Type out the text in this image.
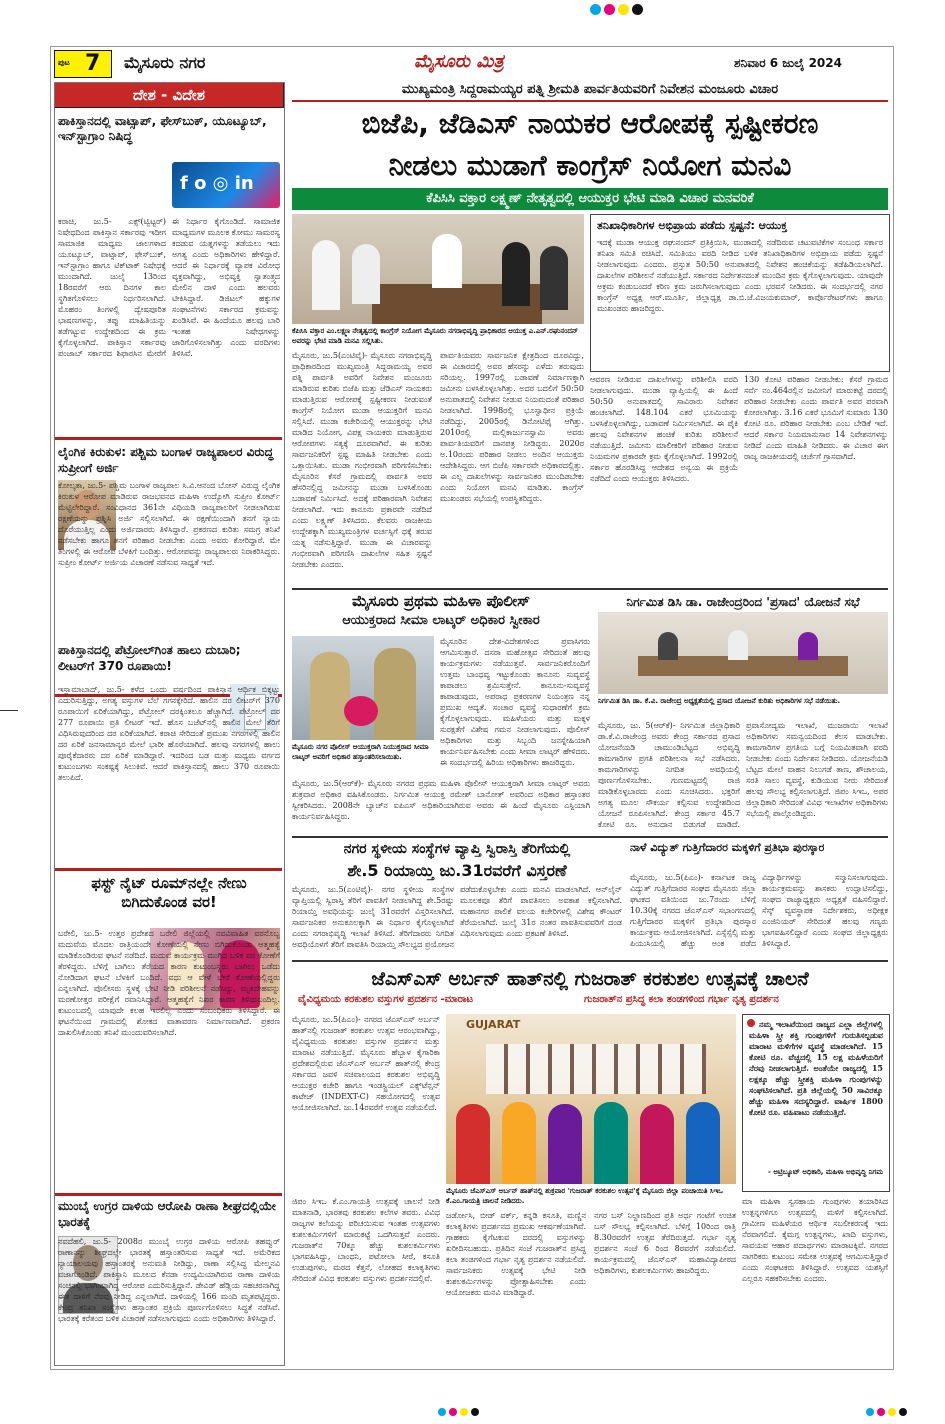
ಪುಟ 7 ಮೈಸೂರು ನಗರ	ಮೈಸೂರು ಮಿತ್ರ	ಶನಿವಾರ 6 ಜುಲೈ 2024
ದೇಶ - ವಿದೇಶ
ಪಾಕಿಸ್ತಾನದಲ್ಲಿ ವಾಟ್ಸಾಪ್, ಫೇಸ್‌ಬುಕ್, ಯೂಟ್ಯೂಬ್, ಇನ್‌ಸ್ಟಾಗ್ರಾಂ ನಿಷಿದ್ಧ
f o ◎ in
ಕರಾಚಿ, ಜು.5- ಎಕ್ಸ್(ಟ್ವಿಟ್ಟರ್) ನಿಷೇಧದಿಂದ ಪಾಕಿಸ್ತಾನ ಸರ್ಕಾರವು ಇದೀಗ ಸಾಮಾಜಿಕ ಮಾಧ್ಯಮ ಜಾಲಗಳಾದ ಯೂಟ್ಯೂಬ್, ವಾಟ್ಸಾಪ್, ಫೇಸ್‌ಬುಕ್, ಇನ್‌ಸ್ಟಾಗ್ರಾಂ ಹಾಗೂ ಟಿಕ್‌ಟಾಕ್ ನಿಷೇಧಕ್ಕೆ ಮುಂದಾಗಿದೆ. ಜುಲೈ 13ರಿಂದ 18ರವರೆಗೆ ಆರು ದಿನಗಳ ಕಾಲ ಸ್ಥಗಿತಗೊಳಿಸಲು ನಿರ್ಧರಿಸಲಾಗಿದೆ. ಮೊಹರಂ ತಿಂಗಳಲ್ಲಿ ದ್ವೇಷಪೂರಿತ ಭಾಷಣಗಳನ್ನು, ತಪ್ಪು ಮಾಹಿತಿಯನ್ನು ತಡೆಗಟ್ಟುವ ಉದ್ದೇಶದಿಂದ ಈ ಕ್ರಮ ಕೈಗೊಳ್ಳಲಾಗಿದೆ. ಪಾಕಿಸ್ತಾನ ಸರ್ಕಾರವು ಪಂಜಾಬ್ ಸರ್ಕಾರದ ಶಿಫಾರಸಿನ ಮೇರೆಗೆ ಈ ನಿರ್ಧಾರ ಕೈಗೊಂಡಿದೆ. ಸಾಮಾಜಿಕ ಮಾಧ್ಯಮಗಳ ಮೂಲಕ ಕೋಮು ಸಾಮರಸ್ಯ ಕದಡುವ ಯತ್ನಗಳನ್ನು ತಡೆಯಲು ಇದು ಅಗತ್ಯ ಎಂದು ಅಧಿಕಾರಿಗಳು ಹೇಳಿದ್ದಾರೆ. ಆದರೆ ಈ ನಿರ್ಧಾರಕ್ಕೆ ವ್ಯಾಪಕ ವಿರೋಧ ವ್ಯಕ್ತವಾಗಿದ್ದು, ಅಭಿವ್ಯಕ್ತಿ ಸ್ವಾತಂತ್ರ್ಯದ ಮೇಲಿನ ದಾಳಿ ಎಂದು ಹಲವರು ಟೀಕಿಸಿದ್ದಾರೆ. ಡಿಜಿಟಲ್ ಹಕ್ಕುಗಳ ಸಂಘಟನೆಗಳು ಸರ್ಕಾರದ ಕ್ರಮವನ್ನು ಖಂಡಿಸಿವೆ. ಈ ಹಿಂದೆಯೂ ಹಲವು ಬಾರಿ ಇಂತಹ ನಿಷೇಧಗಳನ್ನು ಜಾರಿಗೊಳಿಸಲಾಗಿತ್ತು ಎಂದು ವರದಿಗಳು ತಿಳಿಸಿವೆ.
ಲೈಂಗಿಕ ಕಿರುಕುಳ: ಪಶ್ಚಿಮ ಬಂಗಾಳ ರಾಜ್ಯಪಾಲರ ವಿರುದ್ಧ ಸುಪ್ರೀಂಗೆ ಅರ್ಜಿ
ಕೋಲ್ಕತಾ, ಜು.5- ಪಶ್ಚಿಮ ಬಂಗಾಳ ರಾಜ್ಯಪಾಲ ಸಿ.ವಿ.ಆನಂದ ಬೋಸ್ ವಿರುದ್ಧ ಲೈಂಗಿಕ ಕಿರುಕುಳ ಆರೋಪ ಮಾಡಿರುವ ರಾಜಭವನದ ಮಹಿಳಾ ಉದ್ಯೋಗಿ ಸುಪ್ರೀಂ ಕೋರ್ಟ್ ಮೆಟ್ಟಿಲೇರಿದ್ದಾರೆ. ಸಂವಿಧಾನದ 361ನೇ ವಿಧಿಯಡಿ ರಾಜ್ಯಪಾಲರಿಗೆ ನೀಡಲಾಗಿರುವ ರಕ್ಷಣೆಯನ್ನು ಪ್ರಶ್ನಿಸಿ ಅರ್ಜಿ ಸಲ್ಲಿಸಲಾಗಿದೆ. ಈ ರಕ್ಷಣೆಯಿಂದಾಗಿ ತನಗೆ ನ್ಯಾಯ ದೊರೆಯುತ್ತಿಲ್ಲ ಎಂದು ಅರ್ಜಿದಾರರು ತಿಳಿಸಿದ್ದಾರೆ. ಪ್ರಕರಣದ ಕುರಿತು ಸಮಗ್ರ ತನಿಖೆ ನಡೆಸಬೇಕು ಹಾಗೂ ತನಗೆ ಪರಿಹಾರ ನೀಡಬೇಕು ಎಂದು ಅವರು ಕೋರಿದ್ದಾರೆ. ಮೇ ತಿಂಗಳಲ್ಲಿ ಈ ಆರೋಪ ಬೆಳಕಿಗೆ ಬಂದಿತ್ತು. ಆರೋಪವನ್ನು ರಾಜ್ಯಪಾಲರು ನಿರಾಕರಿಸಿದ್ದರು. ಸುಪ್ರೀಂ ಕೋರ್ಟ್ ಅರ್ಜಿಯ ವಿಚಾರಣೆ ನಡೆಸುವ ಸಾಧ್ಯತೆ ಇದೆ.
ಪಾಕಿಸ್ತಾನದಲ್ಲಿ ಪೆಟ್ರೋಲ್‌ಗಿಂತ ಹಾಲು ದುಬಾರಿ; ಲೀಟರ್‌ಗೆ 370 ರೂಪಾಯಿ!
ಇಸ್ಲಾಮಾಬಾದ್, ಜು.5- ಕಳೆದ ಒಂದು ವರ್ಷದಿಂದ ಪಾಕಿಸ್ತಾನ ಆರ್ಥಿಕ ಬಿಕ್ಕಟ್ಟು ಎದುರಿಸುತ್ತಿದ್ದು, ಅಗತ್ಯ ವಸ್ತುಗಳ ಬೆಲೆ ಗಗನಕ್ಕೇರಿದೆ. ಹಾಲಿನ ದರ ಲೀಟರ್‌ಗೆ 370 ರೂಪಾಯಿಗೆ ಏರಿಕೆಯಾಗಿದ್ದು, ಪೆಟ್ರೋಲ್ ದರಕ್ಕಿಂತಲೂ ಹೆಚ್ಚಾಗಿದೆ. ಪೆಟ್ರೋಲ್ ದರ 277 ರೂಪಾಯಿ ಪ್ರತಿ ಲೀಟರ್ ಇದೆ. ಹೊಸ ಬಜೆಟ್‌ನಲ್ಲಿ ಹಾಲಿನ ಮೇಲೆ ತೆರಿಗೆ ವಿಧಿಸಿರುವುದರಿಂದ ದರ ಏರಿಕೆಯಾಗಿದೆ. ಕರಾಚಿ ಸೇರಿದಂತೆ ಪ್ರಮುಖ ನಗರಗಳಲ್ಲಿ ಹಾಲಿನ ದರ ಏರಿಕೆ ಜನಸಾಮಾನ್ಯರ ಮೇಲೆ ಭಾರೀ ಹೊರೆಯಾಗಿದೆ. ಹಲವು ನಗರಗಳಲ್ಲಿ ಹಾಲು ಪೂರೈಕೆದಾರರು ದರ ಏರಿಕೆ ಮಾಡಿದ್ದಾರೆ. ಇದರಿಂದ ಬಡ ಮತ್ತು ಮಧ್ಯಮ ವರ್ಗದ ಕುಟುಂಬಗಳು ಸಂಕಷ್ಟಕ್ಕೆ ಸಿಲುಕಿವೆ. ಆದರೆ ಪಾಕಿಸ್ತಾನದಲ್ಲಿ ಹಾಲು 370 ರೂಪಾಯಿ ತಲುಪಿದೆ.
ಫಸ್ಟ್ ನೈಟ್ ರೂಮ್‌ನಲ್ಲೇ ನೇಣು ಬಿಗಿದುಕೊಂಡ ವರ!
ಬರೇಲಿ, ಜು.5- ಉತ್ತರ ಪ್ರದೇಶದ ಬರೇಲಿ ಜಿಲ್ಲೆಯಲ್ಲಿ ನವವಿವಾಹಿತ ವರನೊಬ್ಬ ಮದುವೆಯ ಮೊದಲ ರಾತ್ರಿಯಂದೇ ಕೋಣೆಯಲ್ಲಿ ನೇಣು ಬಿಗಿದುಕೊಂಡು ಆತ್ಮಹತ್ಯೆ ಮಾಡಿಕೊಂಡಿರುವ ಘಟನೆ ನಡೆದಿದೆ. ಮದುವೆ ಕಾರ್ಯಕ್ರಮ ಮುಗಿದ ಬಳಿಕ ವರ ಕೋಣೆಗೆ ತೆರಳಿದ್ದರು. ಬೆಳಿಗ್ಗೆ ಬಾಗಿಲು ತೆರೆಯದ ಕಾರಣ ಕುಟುಂಬಸ್ಥರು ಬಾಗಿಲು ಒಡೆದು ನೋಡಿದಾಗ ಘಟನೆ ಬೆಳಕಿಗೆ ಬಂದಿದೆ. ವಧು ಆ ವೇಳೆ ಬೇರೆ ಕೋಣೆಯಲ್ಲಿದ್ದರು ಎನ್ನಲಾಗಿದೆ. ಪೊಲೀಸರು ಸ್ಥಳಕ್ಕೆ ಭೇಟಿ ನೀಡಿ ಪರಿಶೀಲನೆ ನಡೆಸಿದ್ದು, ಮೃತದೇಹವನ್ನು ಮರಣೋತ್ತರ ಪರೀಕ್ಷೆಗೆ ರವಾನಿಸಿದ್ದಾರೆ. ಆತ್ಮಹತ್ಯೆಗೆ ನಿಖರ ಕಾರಣ ತಿಳಿದುಬಂದಿಲ್ಲ. ಕುಟುಂಬದಲ್ಲಿ ಯಾವುದೇ ಕಲಹ ಇರಲಿಲ್ಲ ಎಂದು ಸಂಬಂಧಿಕರು ತಿಳಿಸಿದ್ದಾರೆ. ಈ ಘಟನೆಯಿಂದ ಗ್ರಾಮದಲ್ಲಿ ಶೋಕದ ವಾತಾವರಣ ನಿರ್ಮಾಣವಾಗಿದೆ. ಪ್ರಕರಣ ದಾಖಲಿಸಿಕೊಂಡು ತನಿಖೆ ಮುಂದುವರಿಸಲಾಗಿದೆ.
ಮುಂಬೈ ಉಗ್ರರ ದಾಳಿಯ ಆರೋಪಿ ರಾಣಾ ಶೀಘ್ರದಲ್ಲಿಯೇ ಭಾರತಕ್ಕೆ
ನವದೆಹಲಿ, ಜು.5- 2008ರ ಮುಂಬೈ ಉಗ್ರರ ದಾಳಿಯ ಆರೋಪಿ ತಹವ್ವುರ್ ರಾಣಾನನ್ನು ಶೀಘ್ರದಲ್ಲೇ ಭಾರತಕ್ಕೆ ಹಸ್ತಾಂತರಿಸುವ ಸಾಧ್ಯತೆ ಇದೆ. ಅಮೆರಿಕದ ನ್ಯಾಯಾಲಯವು ಹಸ್ತಾಂತರಕ್ಕೆ ಅನುಮತಿ ನೀಡಿದ್ದು, ರಾಣಾ ಸಲ್ಲಿಸಿದ್ದ ಮೇಲ್ಮನವಿ ವಜಾಗೊಂಡಿದೆ. ಪಾಕಿಸ್ತಾನಿ ಮೂಲದ ಕೆನಡಾ ಉದ್ಯಮಿಯಾಗಿರುವ ರಾಣಾ ದಾಳಿಯ ಸಂಚಿನಲ್ಲಿ ಭಾಗಿಯಾಗಿದ್ದ ಆರೋಪ ಎದುರಿಸುತ್ತಿದ್ದಾನೆ. ಡೇವಿಡ್ ಹೆಡ್ಲಿಯ ಸಹಚರನಾಗಿದ್ದ ಈತ ದಾಳಿಗೆ ನೆರವು ನೀಡಿದ್ದ ಎನ್ನಲಾಗಿದೆ. ದಾಳಿಯಲ್ಲಿ 166 ಮಂದಿ ಮೃತಪಟ್ಟಿದ್ದರು. ಕೇಂದ್ರ ತನಿಖಾ ಸಂಸ್ಥೆಗಳು ಹಸ್ತಾಂತರ ಪ್ರಕ್ರಿಯೆ ಪೂರ್ಣಗೊಳಿಸಲು ಸಿದ್ಧತೆ ನಡೆಸಿವೆ. ಭಾರತಕ್ಕೆ ಕರೆತಂದ ಬಳಿಕ ವಿಚಾರಣೆ ನಡೆಸಲಾಗುವುದು ಎಂದು ಅಧಿಕಾರಿಗಳು ತಿಳಿಸಿದ್ದಾರೆ.
ಮುಖ್ಯಮಂತ್ರಿ ಸಿದ್ದರಾಮಯ್ಯರ ಪತ್ನಿ ಶ್ರೀಮತಿ ಪಾರ್ವತಿಯವರಿಗೆ ನಿವೇಶನ ಮಂಜೂರು ವಿಚಾರ
ಬಿಜೆಪಿ, ಜೆಡಿಎಸ್ ನಾಯಕರ ಆರೋಪಕ್ಕೆ ಸ್ಪಷ್ಟೀಕರಣ
ನೀಡಲು ಮುಡಾಗೆ ಕಾಂಗ್ರೆಸ್ ನಿಯೋಗ ಮನವಿ
ಕೆಪಿಸಿಸಿ ವಕ್ತಾರ ಲಕ್ಷ್ಮಣ್ ನೇತೃತ್ವದಲ್ಲಿ ಆಯುಕ್ತರ ಭೇಟಿ ಮಾಡಿ ವಿಚಾರ ಮನವರಿಕೆ
ಕೆಪಿಸಿಸಿ ವಕ್ತಾರ ಎಂ.ಲಕ್ಷ್ಮಣ ನೇತೃತ್ವದಲ್ಲಿ ಕಾಂಗ್ರೆಸ್ ನಿಯೋಗ ಮೈಸೂರು ನಗರಾಭಿವೃದ್ಧಿ ಪ್ರಾಧಿಕಾರದ ಆಯುಕ್ತ ಎ.ಎನ್.ರಘುನಂದನ್ ಅವರನ್ನು ಭೇಟಿ ಮಾಡಿ ಮನವಿ ಸಲ್ಲಿಸಿತು.
ಮೈಸೂರು, ಜು.5(ಎಂಟಿವೈ)- ಮೈಸೂರು ನಗರಾಭಿವೃದ್ಧಿ ಪ್ರಾಧಿಕಾರದಿಂದ ಮುಖ್ಯಮಂತ್ರಿ ಸಿದ್ದರಾಮಯ್ಯ ಅವರ ಪತ್ನಿ ಪಾರ್ವತಿ ಅವರಿಗೆ ನಿವೇಶನ ಮಂಜೂರು ಮಾಡಿರುವ ಕುರಿತು ಬಿಜೆಪಿ ಮತ್ತು ಜೆಡಿಎಸ್ ನಾಯಕರು ಮಾಡುತ್ತಿರುವ ಆರೋಪಕ್ಕೆ ಸ್ಪಷ್ಟೀಕರಣ ನೀಡುವಂತೆ ಕಾಂಗ್ರೆಸ್ ನಿಯೋಗ ಮುಡಾ ಆಯುಕ್ತರಿಗೆ ಮನವಿ ಸಲ್ಲಿಸಿದೆ. ಮುಡಾ ಕಚೇರಿಯಲ್ಲಿ ಆಯುಕ್ತರನ್ನು ಭೇಟಿ ಮಾಡಿದ ನಿಯೋಗ, ವಿಪಕ್ಷ ನಾಯಕರು ಮಾಡುತ್ತಿರುವ ಆರೋಪಗಳು ಸತ್ಯಕ್ಕೆ ದೂರವಾಗಿವೆ. ಈ ಕುರಿತು ಸಾರ್ವಜನಿಕರಿಗೆ ಸ್ಪಷ್ಟ ಮಾಹಿತಿ ನೀಡಬೇಕು ಎಂದು ಒತ್ತಾಯಿಸಿತು. ಮುಡಾ ಗಂಭೀರವಾಗಿ ಪರಿಗಣಿಸಬೇಕು: ಮೈಸೂರಿನ ಕೆಸರೆ ಗ್ರಾಮದಲ್ಲಿ ಪಾರ್ವತಿ ಅವರ ಹೆಸರಿನಲ್ಲಿದ್ದ ಜಮೀನನ್ನು ಮುಡಾ ಬಳಸಿಕೊಂಡು ಬಡಾವಣೆ ನಿರ್ಮಿಸಿದೆ. ಅದಕ್ಕೆ ಪರಿಹಾರವಾಗಿ ನಿವೇಶನ ನೀಡಲಾಗಿದೆ. ಇದು ಕಾನೂನು ಪ್ರಕಾರವೇ ನಡೆದಿದೆ ಎಂದು ಲಕ್ಷ್ಮಣ್ ತಿಳಿಸಿದರು. ಕೆಲವರು ರಾಜಕೀಯ ಉದ್ದೇಶಕ್ಕಾಗಿ ಮುಖ್ಯಮಂತ್ರಿಗಳ ವರ್ಚಸ್ಸಿಗೆ ಧಕ್ಕೆ ತರುವ ಯತ್ನ ನಡೆಸುತ್ತಿದ್ದಾರೆ. ಮುಡಾ ಈ ವಿಚಾರವನ್ನು ಗಂಭೀರವಾಗಿ ಪರಿಗಣಿಸಿ ದಾಖಲೆಗಳ ಸಹಿತ ಸ್ಪಷ್ಟನೆ ನೀಡಬೇಕು ಎಂದರು.
ಪಾರ್ವತಿಯವರು ಸಾರ್ವಜನಿಕ ಕ್ಷೇತ್ರದಿಂದ ದೂರವಿದ್ದು, ಈ ವಿಚಾರದಲ್ಲಿ ಅವರ ಹೆಸರನ್ನು ಎಳೆದು ತರುವುದು ಸರಿಯಲ್ಲ. 1997ರಲ್ಲಿ ಬಡಾವಣೆ ನಿರ್ಮಾಣಕ್ಕಾಗಿ ಜಮೀನು ಬಳಸಿಕೊಳ್ಳಲಾಗಿತ್ತು. ಅದರ ಬದಲಿಗೆ 50:50 ಅನುಪಾತದಲ್ಲಿ ನಿವೇಶನ ನೀಡುವ ನಿಯಮದಂತೆ ಪರಿಹಾರ ನೀಡಲಾಗಿದೆ. 1998ರಲ್ಲಿ ಭೂಸ್ವಾಧೀನ ಪ್ರಕ್ರಿಯೆ ನಡೆದಿದ್ದು, 2005ರಲ್ಲಿ ಡಿನೋಟಿಫೈ ಆಗಿತ್ತು. 2010ರಲ್ಲಿ ಮಲ್ಲಿಕಾರ್ಜುನಸ್ವಾಮಿ ಅವರು ಪಾರ್ವತಿಯವರಿಗೆ ದಾನಪತ್ರ ನೀಡಿದ್ದರು. 2020ರ ಅ.10ರಂದು ಪರಿಹಾರ ನೀಡಲು ಅಂದಿನ ಆಯುಕ್ತರು ಆದೇಶಿಸಿದ್ದರು. ಆಗ ಬಿಜೆಪಿ ಸರ್ಕಾರವೇ ಅಧಿಕಾರದಲ್ಲಿತ್ತು. ಈ ಎಲ್ಲ ದಾಖಲೆಗಳನ್ನು ಸಾರ್ವಜನಿಕರ ಮುಂದಿಡಬೇಕು ಎಂದು ನಿಯೋಗ ಮನವಿ ಮಾಡಿತು. ಕಾಂಗ್ರೆಸ್ ಮುಖಂಡರು ಸಭೆಯಲ್ಲಿ ಉಪಸ್ಥಿತರಿದ್ದರು.
ತನಿಖಾಧಿಕಾರಿಗಳ ಅಭಿಪ್ರಾಯ ಪಡೆದು ಸ್ಪಷ್ಟನೆ: ಆಯುಕ್ತ
ಇದಕ್ಕೆ ಮುಡಾ ಆಯುಕ್ತ ರಘುನಂದನ್ ಪ್ರತಿಕ್ರಿಯಿಸಿ, ಮುಡಾದಲ್ಲಿ ನಡೆದಿರುವ ಚಟುವಟಿಕೆಗಳ ಸಂಬಂಧ ಸರ್ಕಾರ ತನಿಖಾ ಸಮಿತಿ ರಚಿಸಿದೆ. ಸಮಿತಿಯು ವರದಿ ನೀಡಿದ ಬಳಿಕ ತನಿಖಾಧಿಕಾರಿಗಳ ಅಭಿಪ್ರಾಯ ಪಡೆದು ಸ್ಪಷ್ಟನೆ ನೀಡಲಾಗುವುದು ಎಂದರು. ಪ್ರಸ್ತುತ 50:50 ಅನುಪಾತದಲ್ಲಿ ನಿವೇಶನ ಹಂಚಿಕೆಯನ್ನು ತಡೆಹಿಡಿಯಲಾಗಿದೆ. ದಾಖಲೆಗಳ ಪರಿಶೀಲನೆ ನಡೆಯುತ್ತಿದೆ. ಸರ್ಕಾರದ ನಿರ್ದೇಶನದಂತೆ ಮುಂದಿನ ಕ್ರಮ ಕೈಗೊಳ್ಳಲಾಗುವುದು. ಯಾವುದೇ ಅಕ್ರಮ ಕಂಡುಬಂದರೆ ಕಠಿಣ ಕ್ರಮ ಜರುಗಿಸಲಾಗುವುದು ಎಂದು ಭರವಸೆ ನೀಡಿದರು. ಈ ಸಂದರ್ಭದಲ್ಲಿ ನಗರ ಕಾಂಗ್ರೆಸ್ ಅಧ್ಯಕ್ಷ ಆರ್.ಮೂರ್ತಿ, ಜಿಲ್ಲಾಧ್ಯಕ್ಷ ಡಾ.ಬಿ.ಜೆ.ವಿಜಯಕುಮಾರ್, ಕಾರ್ಪೊರೇಟರ್‌ಗಳು ಹಾಗೂ ಮುಖಂಡರು ಹಾಜರಿದ್ದರು.
ಆವರಣ ನೀಡಿರುವ ದಾಖಲೆಗಳನ್ನು ಪರಿಶೀಲಿಸಿ ವರದಿ ನೀಡಲಾಗುವುದು. ಮುಡಾ ವ್ಯಾಪ್ತಿಯಲ್ಲಿ ಈ ಹಿಂದೆ 50:50 ಅನುಪಾತದಲ್ಲಿ ಸಾವಿರಾರು ನಿವೇಶನ ಹಂಚಲಾಗಿದೆ. 148.104 ಎಕರೆ ಭೂಮಿಯನ್ನು ಬಳಸಿಕೊಳ್ಳಲಾಗಿದ್ದು, ಬಡಾವಣೆ ನಿರ್ಮಿಸಲಾಗಿದೆ. ಈ ಪೈಕಿ ಹಲವು ನಿವೇಶನಗಳ ಹಂಚಿಕೆ ಕುರಿತು ಪರಿಶೀಲನೆ ನಡೆಯುತ್ತಿದೆ. ಜಮೀನು ಮಾಲೀಕರಿಗೆ ಪರಿಹಾರ ನೀಡುವ ನಿಯಮಗಳ ಪ್ರಕಾರವೇ ಕ್ರಮ ಕೈಗೊಳ್ಳಲಾಗಿದೆ. 1992ರಲ್ಲಿ ಸರ್ಕಾರ ಹೊರಡಿಸಿದ್ದ ಆದೇಶದ ಅನ್ವಯ ಈ ಪ್ರಕ್ರಿಯೆ ನಡೆದಿದೆ ಎಂದು ಆಯುಕ್ತರು ತಿಳಿಸಿದರು.
130 ಕೋಟಿ ಪರಿಹಾರ ನೀಡಬೇಕು: ಕೆಸರೆ ಗ್ರಾಮದ ಸರ್ವೆ ನಂ.464ರಲ್ಲಿನ ಜಮೀನಿಗೆ ಮಾರುಕಟ್ಟೆ ದರದಲ್ಲಿ ಪರಿಹಾರ ನೀಡಬೇಕು ಎಂದು ಪಾರ್ವತಿ ಅವರ ಪರವಾಗಿ ಕೋರಲಾಗಿತ್ತು. 3.16 ಎಕರೆ ಭೂಮಿಗೆ ಸುಮಾರು 130 ಕೋಟಿ ರೂ. ಪರಿಹಾರ ನೀಡಬೇಕು ಎಂಬ ಬೇಡಿಕೆ ಇದೆ. ಆದರೆ ಸರ್ಕಾರ ನಿಯಮಾನುಸಾರ 14 ನಿವೇಶನಗಳನ್ನು ನೀಡಿದೆ ಎಂದು ಮಾಹಿತಿ ನೀಡಿದರು. ಈ ವಿಚಾರ ಈಗ ರಾಜ್ಯ ರಾಜಕೀಯದಲ್ಲಿ ಚರ್ಚೆಗೆ ಗ್ರಾಸವಾಗಿದೆ.
ಮೈಸೂರು ಪ್ರಥಮ ಮಹಿಳಾ ಪೊಲೀಸ್
ಆಯುಕ್ತರಾದ ಸೀಮಾ ಲಾಟ್ಕರ್ ಅಧಿಕಾರ ಸ್ವೀಕಾರ
ಮೈಸೂರು ನಗರ ಪೊಲೀಸ್ ಆಯುಕ್ತರಾಗಿ ನಿಯುಕ್ತರಾದ ಸೀಮಾ ಲಾಟ್ಕರ್ ಅವರಿಗೆ ಅಧಿಕಾರ ಹಸ್ತಾಂತರಿಸಲಾಯಿತು.
ಮೈಸೂರಿನ ದೇಶ-ವಿದೇಶಗಳಿಂದ ಪ್ರವಾಸಿಗರು ಆಗಮಿಸುತ್ತಾರೆ. ದಸರಾ ಮಹೋತ್ಸವ ಸೇರಿದಂತೆ ಹಲವು ಕಾರ್ಯಕ್ರಮಗಳು ನಡೆಯುತ್ತವೆ. ಸಾರ್ವಜನಿಕರೊಂದಿಗೆ ಉತ್ತಮ ಬಾಂಧವ್ಯ ಇಟ್ಟುಕೊಂಡು ಕಾನೂನು ಸುವ್ಯವಸ್ಥೆ ಕಾಪಾಡಲು ಶ್ರಮಿಸುತ್ತೇನೆ. ಕಾನೂನು-ಸುವ್ಯವಸ್ಥೆ ಕಾಪಾಡುವುದು, ಅಪರಾಧ ಪ್ರಕರಣಗಳ ನಿಯಂತ್ರಣ ನನ್ನ ಪ್ರಮುಖ ಆದ್ಯತೆ. ಸಂಚಾರ ವ್ಯವಸ್ಥೆ ಸುಧಾರಣೆಗೆ ಕ್ರಮ ಕೈಗೊಳ್ಳಲಾಗುವುದು. ಮಹಿಳೆಯರು ಮತ್ತು ಮಕ್ಕಳ ಸುರಕ್ಷತೆಗೆ ವಿಶೇಷ ಗಮನ ನೀಡಲಾಗುವುದು. ಪೊಲೀಸ್ ಅಧಿಕಾರಿಗಳು ಮತ್ತು ಸಿಬ್ಬಂದಿ ಜನಸ್ನೇಹಿಯಾಗಿ ಕಾರ್ಯನಿರ್ವಹಿಸಬೇಕು ಎಂದು ಸೀಮಾ ಲಾಟ್ಕರ್ ಹೇಳಿದರು. ಈ ಸಂದರ್ಭದಲ್ಲಿ ಹಿರಿಯ ಅಧಿಕಾರಿಗಳು ಹಾಜರಿದ್ದರು.
ಮೈಸೂರು, ಜು.5(ಆರ್‌ಕೆ)- ಮೈಸೂರು ನಗರದ ಪ್ರಥಮ ಮಹಿಳಾ ಪೊಲೀಸ್ ಆಯುಕ್ತರಾಗಿ ಸೀಮಾ ಲಾಟ್ಕರ್ ಅವರು ಶುಕ್ರವಾರ ಅಧಿಕಾರ ವಹಿಸಿಕೊಂಡರು. ನಿರ್ಗಮಿತ ಆಯುಕ್ತ ರಮೇಶ್ ಬಾನೋತ್ ಅವರಿಂದ ಅಧಿಕಾರ ಹಸ್ತಾಂತರ ಸ್ವೀಕರಿಸಿದರು. 2008ನೇ ಬ್ಯಾಚ್‌ನ ಐಪಿಎಸ್ ಅಧಿಕಾರಿಯಾಗಿರುವ ಅವರು ಈ ಹಿಂದೆ ಮೈಸೂರು ಎಸ್ಪಿಯಾಗಿ ಕಾರ್ಯನಿರ್ವಹಿಸಿದ್ದರು.
ನಿರ್ಗಮಿತ ಡಿಸಿ ಡಾ. ರಾಜೇಂದ್ರರಿಂದ 'ಪ್ರಸಾದ' ಯೋಜನೆ ಸಭೆ
ನಿರ್ಗಮಿತ ಡಿಸಿ ಡಾ. ಕೆ.ವಿ. ರಾಜೇಂದ್ರ ಅಧ್ಯಕ್ಷತೆಯಲ್ಲಿ ಪ್ರಸಾದ ಯೋಜನೆ ಕುರಿತು ಅಧಿಕಾರಿಗಳ ಸಭೆ ನಡೆಯಿತು.
ಮೈಸೂರು, ಜು. 5(ಆರ್‌ಕೆ)- ನಿರ್ಗಮಿತ ಜಿಲ್ಲಾಧಿಕಾರಿ ಡಾ.ಕೆ.ವಿ.ರಾಜೇಂದ್ರ ಅವರು ಕೇಂದ್ರ ಸರ್ಕಾರದ ಪ್ರಸಾದ ಯೋಜನೆಯಡಿ ಚಾಮುಂಡಿಬೆಟ್ಟದ ಅಭಿವೃದ್ಧಿ ಕಾಮಗಾರಿಗಳ ಪ್ರಗತಿ ಪರಿಶೀಲನಾ ಸಭೆ ನಡೆಸಿದರು. ಕಾಮಗಾರಿಗಳನ್ನು ನಿಗದಿತ ಅವಧಿಯಲ್ಲಿ ಪೂರ್ಣಗೊಳಿಸಬೇಕು. ಗುಣಮಟ್ಟದಲ್ಲಿ ರಾಜಿ ಮಾಡಿಕೊಳ್ಳಬಾರದು ಎಂದು ಸೂಚಿಸಿದರು. ಭಕ್ತರಿಗೆ ಅಗತ್ಯ ಮೂಲ ಸೌಕರ್ಯ ಕಲ್ಪಿಸುವ ಉದ್ದೇಶದಿಂದ ಯೋಜನೆ ರೂಪಿಸಲಾಗಿದೆ. ಕೇಂದ್ರ ಸರ್ಕಾರ 45.7 ಕೋಟಿ ರೂ. ಅನುದಾನ ಬಿಡುಗಡೆ ಮಾಡಿದೆ. ಪ್ರವಾಸೋದ್ಯಮ ಇಲಾಖೆ, ಮುಜರಾಯಿ ಇಲಾಖೆ ಅಧಿಕಾರಿಗಳು ಸಮನ್ವಯದಿಂದ ಕೆಲಸ ಮಾಡಬೇಕು. ಕಾಮಗಾರಿಗಳ ಪ್ರಗತಿಯ ಬಗ್ಗೆ ನಿಯಮಿತವಾಗಿ ವರದಿ ನೀಡಬೇಕು ಎಂದು ನಿರ್ದೇಶನ ನೀಡಿದರು. ಯೋಜನೆಯಡಿ ಬೆಟ್ಟದ ಮೇಲೆ ವಾಹನ ನಿಲುಗಡೆ ತಾಣ, ಶೌಚಾಲಯ, ಸರತಿ ಸಾಲು ವ್ಯವಸ್ಥೆ, ಕುಡಿಯುವ ನೀರು ಸೇರಿದಂತೆ ಹಲವು ಸೌಲಭ್ಯ ಕಲ್ಪಿಸಲಾಗುತ್ತಿದೆ. ಜಿಪಂ ಸಿಇಒ, ಅಪರ ಜಿಲ್ಲಾಧಿಕಾರಿ ಸೇರಿದಂತೆ ವಿವಿಧ ಇಲಾಖೆಗಳ ಅಧಿಕಾರಿಗಳು ಸಭೆಯಲ್ಲಿ ಪಾಲ್ಗೊಂಡಿದ್ದರು.
ನಗರ ಸ್ಥಳೀಯ ಸಂಸ್ಥೆಗಳ ವ್ಯಾಪ್ತಿ ಸ್ವಿರಾಸ್ತಿ ತೆರಿಗೆಯಲ್ಲಿ
ಶೇ.5 ರಿಯಾಯ್ತಿ ಜು.31ರವರೆಗೆ ವಿಸ್ತರಣೆ
ಮೈಸೂರು, ಜು.5(ಎಂಟಿವೈ)- ನಗರ ಸ್ಥಳೀಯ ಸಂಸ್ಥೆಗಳ ವ್ಯಾಪ್ತಿಯಲ್ಲಿ ಸ್ವಿರಾಸ್ತಿ ತೆರಿಗೆ ಪಾವತಿಗೆ ನೀಡಲಾಗಿದ್ದ ಶೇ.5ರಷ್ಟು ರಿಯಾಯ್ತಿ ಅವಧಿಯನ್ನು ಜುಲೈ 31ರವರೆಗೆ ವಿಸ್ತರಿಸಲಾಗಿದೆ. ಸಾರ್ವಜನಿಕರ ಅನುಕೂಲಕ್ಕಾಗಿ ಈ ನಿರ್ಧಾರ ಕೈಗೊಳ್ಳಲಾಗಿದೆ ಎಂದು ನಗರಾಭಿವೃದ್ಧಿ ಇಲಾಖೆ ತಿಳಿಸಿದೆ. ತೆರಿಗೆದಾರರು ನಿಗದಿತ ಅವಧಿಯೊಳಗೆ ತೆರಿಗೆ ಪಾವತಿಸಿ ರಿಯಾಯ್ತಿ ಸೌಲಭ್ಯದ ಪ್ರಯೋಜನ ಪಡೆದುಕೊಳ್ಳಬೇಕು ಎಂದು ಮನವಿ ಮಾಡಲಾಗಿದೆ. ಆನ್‌ಲೈನ್ ಮೂಲಕವೂ ತೆರಿಗೆ ಪಾವತಿಸಲು ಅವಕಾಶ ಕಲ್ಪಿಸಲಾಗಿದೆ. ಮಹಾನಗರ ಪಾಲಿಕೆ ವಲಯ ಕಚೇರಿಗಳಲ್ಲಿ ವಿಶೇಷ ಕೌಂಟರ್ ತೆರೆಯಲಾಗಿದೆ. ಜುಲೈ 31ರ ನಂತರ ಪಾವತಿಸುವವರಿಗೆ ದಂಡ ವಿಧಿಸಲಾಗುವುದು ಎಂದು ಪ್ರಕಟಣೆ ತಿಳಿಸಿದೆ.
ನಾಳೆ ವಿದ್ಯುತ್ ಗುತ್ತಿಗೆದಾರರ ಮಕ್ಕಳಿಗೆ ಪ್ರತಿಭಾ ಪುರಸ್ಕಾರ
ಮೈಸೂರು, ಜು.5(ಪಿಎಂ)- ಕರ್ನಾಟಕ ರಾಜ್ಯ ವಿದ್ಯುತ್ ಗುತ್ತಿಗೆದಾರರ ಸಂಘದ ಮೈಸೂರು ಜಿಲ್ಲಾ ಘಟಕದ ವತಿಯಿಂದ ಜು.7ರಂದು ಬೆಳಿಗ್ಗೆ 10.30ಕ್ಕೆ ನಗರದ ಜೆಎಸ್‌ಎಸ್ ಸಭಾಂಗಣದಲ್ಲಿ ಗುತ್ತಿಗೆದಾರರ ಮಕ್ಕಳಿಗೆ ಪ್ರತಿಭಾ ಪುರಸ್ಕಾರ ಕಾರ್ಯಕ್ರಮ ಆಯೋಜಿಸಲಾಗಿದೆ. ಎಸ್ಸೆಸ್ಸೆಲ್ಸಿ ಮತ್ತು ಪಿಯುಸಿಯಲ್ಲಿ ಹೆಚ್ಚು ಅಂಕ ಪಡೆದ ವಿದ್ಯಾರ್ಥಿಗಳನ್ನು ಸನ್ಮಾನಿಸಲಾಗುವುದು. ಕಾರ್ಯಕ್ರಮವನ್ನು ಶಾಸಕರು ಉದ್ಘಾಟಿಸಲಿದ್ದು, ಸಂಘದ ರಾಜ್ಯಾಧ್ಯಕ್ಷರು ಅಧ್ಯಕ್ಷತೆ ವಹಿಸಲಿದ್ದಾರೆ. ಸೆಸ್ಕ್ ವ್ಯವಸ್ಥಾಪಕ ನಿರ್ದೇಶಕರು, ಅಧೀಕ್ಷಕ ಎಂಜಿನಿಯರ್ ಸೇರಿದಂತೆ ಹಲವು ಗಣ್ಯರು ಭಾಗವಹಿಸಲಿದ್ದಾರೆ ಎಂದು ಸಂಘದ ಜಿಲ್ಲಾಧ್ಯಕ್ಷರು ತಿಳಿಸಿದ್ದಾರೆ.
ಜೆಎಸ್‌ಎಸ್ ಅರ್ಬನ್ ಹಾತ್‌ನಲ್ಲಿ ಗುಜರಾತ್ ಕರಕುಶಲ ಉತ್ಸವಕ್ಕೆ ಚಾಲನೆ
ವೈವಿಧ್ಯಮಯ ಕರಕುಶಲ ವಸ್ತುಗಳ ಪ್ರದರ್ಶನ -ಮಾರಾಟ	ಗುಜರಾತ್‌ನ ಪ್ರಸಿದ್ಧ ಕಲಾ ತಂಡಗಳಿಂದ ಗರ್ಭಾ ನೃತ್ಯ ಪ್ರದರ್ಶನ
ಮೈಸೂರು, ಜು.5(ಪಿಎಂ)- ನಗರದ ಜೆಎಸ್‌ಎಸ್ ಅರ್ಬನ್ ಹಾತ್‌ನಲ್ಲಿ ಗುಜರಾತ್ ಕರಕುಶಲ ಉತ್ಸವ ಆರಂಭವಾಗಿದ್ದು, ವೈವಿಧ್ಯಮಯ ಕರಕುಶಲ ವಸ್ತುಗಳ ಪ್ರದರ್ಶನ ಮತ್ತು ಮಾರಾಟ ನಡೆಯುತ್ತಿದೆ. ಮೈಸೂರು ಹೆಬ್ಬಾಳ ಕೈಗಾರಿಕಾ ಪ್ರದೇಶದಲ್ಲಿರುವ ಜೆಎಸ್‌ಎಸ್ ಅರ್ಬನ್ ಹಾತ್‌ನಲ್ಲಿ ಕೇಂದ್ರ ಸರ್ಕಾರದ ಜವಳಿ ಸಚಿವಾಲಯದ ಕರಕುಶಲ ಅಭಿವೃದ್ಧಿ ಆಯುಕ್ತರ ಕಚೇರಿ ಹಾಗೂ ಇಂಡಸ್ಟ್ರಿಯಲ್ ಎಕ್ಸ್‌ಟೆನ್ಷನ್ ಕಾಟೇಜ್ (INDEXT-C) ಸಹಯೋಗದಲ್ಲಿ ಉತ್ಸವ ಆಯೋಜಿಸಲಾಗಿದೆ. ಜು.14ರವರೆಗೆ ಉತ್ಸವ ನಡೆಯಲಿದೆ.
GUJARAT
ಮೈಸೂರು ಜೆಎಸ್‌ಎಸ್ ಅರ್ಬನ್ ಹಾತ್‌ನಲ್ಲಿ ಶುಕ್ರವಾರ 'ಗುಜರಾತ್ ಕರಕುಶಲ ಉತ್ಸವ'ಕ್ಕೆ ಮೈಸೂರು ಜಿಲ್ಲಾ ಪಂಚಾಯಿತಿ ಸಿಇಒ ಕೆ.ಎಂ.ಗಾಯತ್ರಿ ಚಾಲನೆ ನೀಡಿದರು.
ನಮ್ಮ ಇಲಾಖೆಯಿಂದ ರಾಜ್ಯದ ಎಲ್ಲಾ ಜಿಲ್ಲೆಗಳಲ್ಲಿ ಮಹಿಳಾ ಸ್ತ್ರೀ ಶಕ್ತಿ ಗುಂಪುಗಳಿಗೆ ಗುರುತಿಸಲ್ಪಡುವ ಮಾರಾಟ ಮಳಿಗೆಗಳ ವ್ಯವಸ್ಥೆ ಮಾಡಲಾಗಿದೆ. 15 ಕೋಟಿ ರೂ. ವೆಚ್ಚದಲ್ಲಿ 15 ಲಕ್ಷ ಮಹಿಳೆಯರಿಗೆ ನೆರವು ನೀಡಲಾಗುತ್ತಿದೆ. ಅಂತೆಯೇ ರಾಜ್ಯದಲ್ಲಿ 15 ಲಕ್ಷಕ್ಕೂ ಹೆಚ್ಚು ಸ್ತ್ರೀಶಕ್ತಿ ಮಹಿಳಾ ಗುಂಪುಗಳನ್ನು ಸಂಘಟಿಸಲಾಗಿದೆ. ಪ್ರತಿ ಜಿಲ್ಲೆಯಲ್ಲಿ 50 ಸಾವಿರಕ್ಕೂ ಹೆಚ್ಚು ಮಹಿಳಾ ಸದಸ್ಯರಿದ್ದಾರೆ. ವಾರ್ಷಿಕ 1800 ಕೋಟಿ ರೂ. ವಹಿವಾಟು ನಡೆಯುತ್ತಿದೆ.
- ಅಟ್ರಿಬ್ಯೂಟ್ ಅಧಿಕಾರಿ, ಮಹಿಳಾ ಅಭಿವೃದ್ಧಿ ನಿಗಮ
ಜಿಪಂ ಸಿಇಒ ಕೆ.ಎಂ.ಗಾಯತ್ರಿ ಉತ್ಸವಕ್ಕೆ ಚಾಲನೆ ನೀಡಿ ಮಾತನಾಡಿ, ಭಾರತವು ಕರಕುಶಲ ಕಲೆಗಳ ತವರು. ವಿವಿಧ ರಾಜ್ಯಗಳ ಕಲೆಯನ್ನು ಪರಿಚಯಿಸುವ ಇಂತಹ ಉತ್ಸವಗಳು ಕುಶಲಕರ್ಮಿಗಳಿಗೆ ಮಾರುಕಟ್ಟೆ ಒದಗಿಸುತ್ತವೆ ಎಂದರು. ಗುಜರಾತ್‌ನ 70ಕ್ಕೂ ಹೆಚ್ಚು ಕುಶಲಕರ್ಮಿಗಳು ಭಾಗವಹಿಸಿದ್ದು, ಬಾಂಧನಿ, ಪಟೋಲಾ ಸೀರೆ, ಕಸೂತಿ ಉಡುಪುಗಳು, ಮರದ ಕೆತ್ತನೆ, ಲೋಹದ ಕಲಾಕೃತಿಗಳು ಸೇರಿದಂತೆ ವಿವಿಧ ಕರಕುಶಲ ವಸ್ತುಗಳು ಪ್ರದರ್ಶನದಲ್ಲಿವೆ.
ಜರ್ಡೋಸಿ, ಬೀಡ್ ವರ್ಕ್, ಕನ್ನಡಿ ಕಸೂತಿ, ಮಣ್ಣಿನ ಕಲಾಕೃತಿಗಳು ಪ್ರದರ್ಶನದ ಪ್ರಮುಖ ಆಕರ್ಷಣೆಯಾಗಿವೆ. ಗ್ರಾಹಕರು ಕೈಗೆಟಕುವ ದರದಲ್ಲಿ ವಸ್ತುಗಳನ್ನು ಖರೀದಿಸಬಹುದು. ಪ್ರತಿದಿನ ಸಂಜೆ ಗುಜರಾತ್‌ನ ಪ್ರಸಿದ್ಧ ಕಲಾ ತಂಡಗಳಿಂದ ಗರ್ಭಾ ನೃತ್ಯ ಪ್ರದರ್ಶನ ನಡೆಯಲಿದೆ. ಸಾರ್ವಜನಿಕರು ಉತ್ಸವಕ್ಕೆ ಭೇಟಿ ನೀಡಿ ಕುಶಲಕರ್ಮಿಗಳನ್ನು ಪ್ರೋತ್ಸಾಹಿಸಬೇಕು ಎಂದು ಆಯೋಜಕರು ಮನವಿ ಮಾಡಿದ್ದಾರೆ.
ನಗರ ಬಸ್ ನಿಲ್ದಾಣದಿಂದ ಪ್ರತಿ ಅರ್ಧ ಗಂಟೆಗೆ ಉಚಿತ ಬಸ್ ಸೌಲಭ್ಯ ಕಲ್ಪಿಸಲಾಗಿದೆ. ಬೆಳಿಗ್ಗೆ 10ರಿಂದ ರಾತ್ರಿ 8.30ರವರೆಗೆ ಉತ್ಸವ ತೆರೆದಿರುತ್ತದೆ. ಗರ್ಭಾ ನೃತ್ಯ ಪ್ರದರ್ಶನ ಸಂಜೆ 6 ರಿಂದ 8ರವರೆಗೆ ನಡೆಯಲಿದೆ. ಕಾರ್ಯಕ್ರಮದಲ್ಲಿ ಜೆಎಸ್‌ಎಸ್ ಮಹಾವಿದ್ಯಾಪೀಠದ ಅಧಿಕಾರಿಗಳು, ಕುಶಲಕರ್ಮಿಗಳು ಹಾಜರಿದ್ದರು.
ಮಾ ಮಹಿಳಾ ಸ್ವಸಹಾಯ ಗುಂಪುಗಳು ತಯಾರಿಸಿದ ಉತ್ಪನ್ನಗಳಿಗೂ ಉತ್ಸವದಲ್ಲಿ ಮಳಿಗೆ ಕಲ್ಪಿಸಲಾಗಿದೆ. ಗ್ರಾಮೀಣ ಮಹಿಳೆಯರ ಆರ್ಥಿಕ ಸಬಲೀಕರಣಕ್ಕೆ ಇದು ನೆರವಾಗಲಿದೆ. ಕೈಮಗ್ಗ ಉತ್ಪನ್ನಗಳು, ಖಾದಿ ವಸ್ತುಗಳು, ಸಾವಯವ ಆಹಾರ ಪದಾರ್ಥಗಳು ಮಾರಾಟಕ್ಕಿವೆ. ನಗರದ ನಾಗರಿಕರು ಕುಟುಂಬ ಸಮೇತ ಉತ್ಸವಕ್ಕೆ ಆಗಮಿಸುತ್ತಿದ್ದಾರೆ ಎಂದು ಸಂಘಟಕರು ತಿಳಿಸಿದ್ದಾರೆ. ಉತ್ಸವದ ಯಶಸ್ಸಿಗೆ ಎಲ್ಲರೂ ಸಹಕರಿಸಬೇಕು ಎಂದರು.
